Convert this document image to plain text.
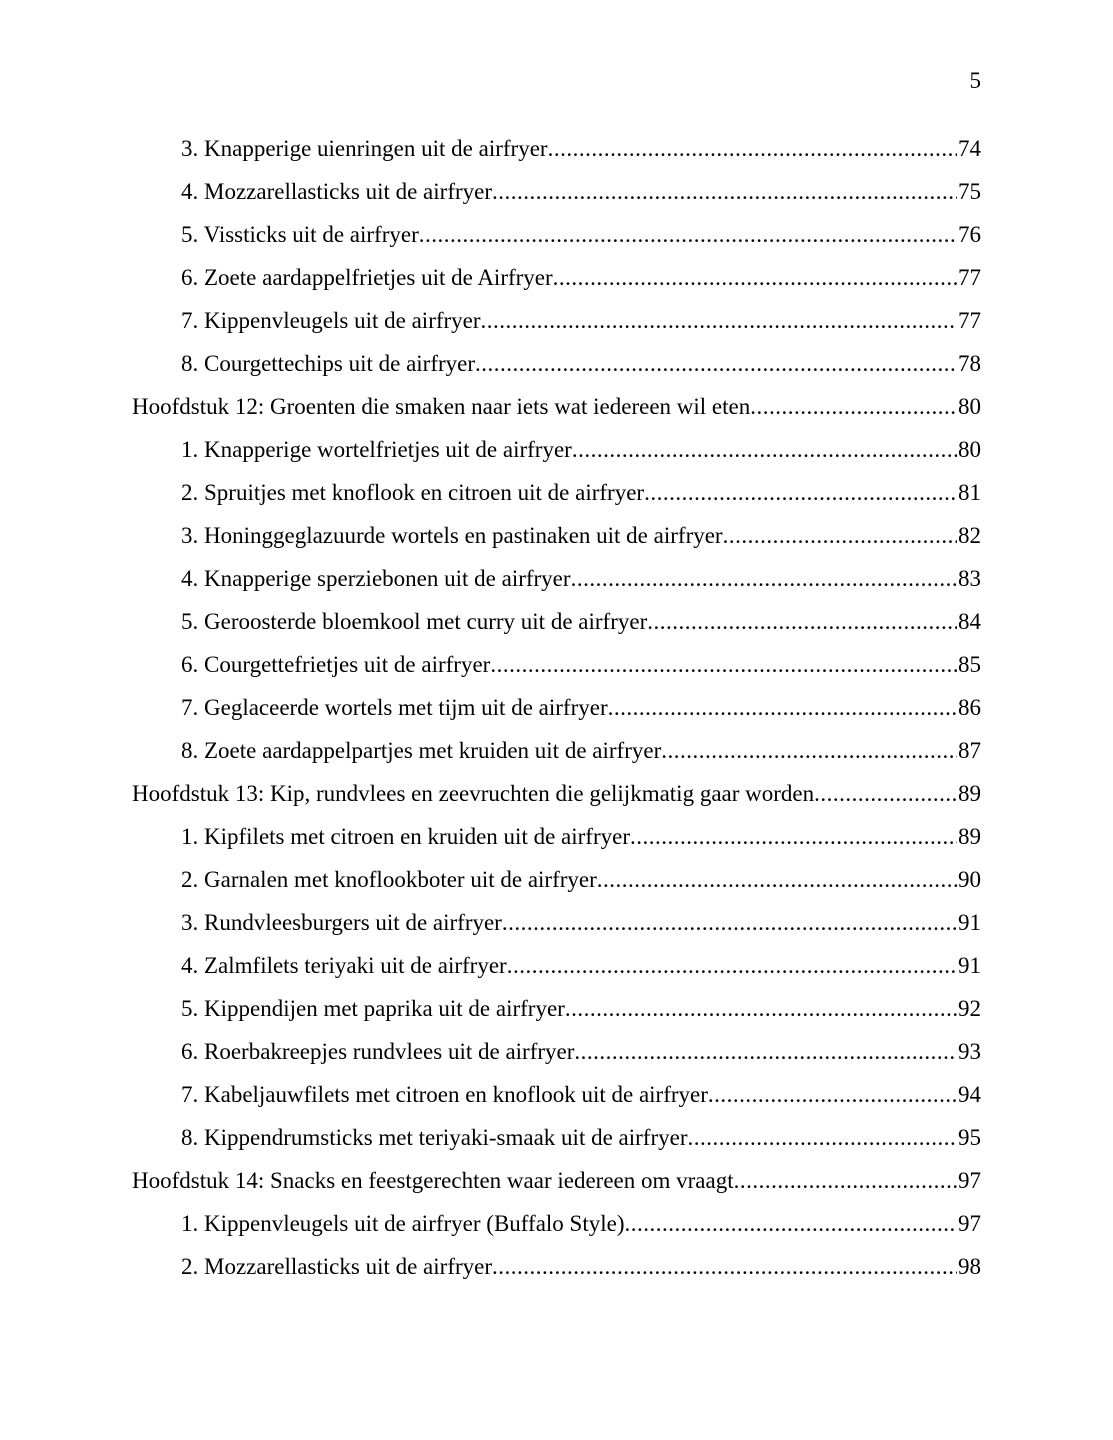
5
3. Knapperige uienringen uit de airfryer .....	74
4. Mozzarellasticks uit de airfryer .....	75
5. Vissticks uit de airfryer .....	76
6. Zoete aardappelfrietjes uit de Airfryer .....	77
7. Kippenvleugels uit de airfryer .....	77
8. Courgettechips uit de airfryer .....	78
Hoofdstuk 12: Groenten die smaken naar iets wat iedereen wil eten .....	80
1. Knapperige wortelfrietjes uit de airfryer .....	80
2. Spruitjes met knoflook en citroen uit de airfryer .....	81
3. Honinggeglazuurde wortels en pastinaken uit de airfryer .....	82
4. Knapperige sperziebonen uit de airfryer .....	83
5. Geroosterde bloemkool met curry uit de airfryer .....	84
6. Courgettefrietjes uit de airfryer .....	85
7. Geglaceerde wortels met tijm uit de airfryer .....	86
8. Zoete aardappelpartjes met kruiden uit de airfryer .....	87
Hoofdstuk 13: Kip, rundvlees en zeevruchten die gelijkmatig gaar worden .....	89
1. Kipfilets met citroen en kruiden uit de airfryer .....	89
2. Garnalen met knoflookboter uit de airfryer .....	90
3. Rundvleesburgers uit de airfryer .....	91
4. Zalmfilets teriyaki uit de airfryer .....	91
5. Kippendijen met paprika uit de airfryer .....	92
6. Roerbakreepjes rundvlees uit de airfryer .....	93
7. Kabeljauwfilets met citroen en knoflook uit de airfryer .....	94
8. Kippendrumsticks met teriyaki-smaak uit de airfryer .....	95
Hoofdstuk 14: Snacks en feestgerechten waar iedereen om vraagt .....	97
1. Kippenvleugels uit de airfryer (Buffalo Style) .....	97
2. Mozzarellasticks uit de airfryer .....	98
